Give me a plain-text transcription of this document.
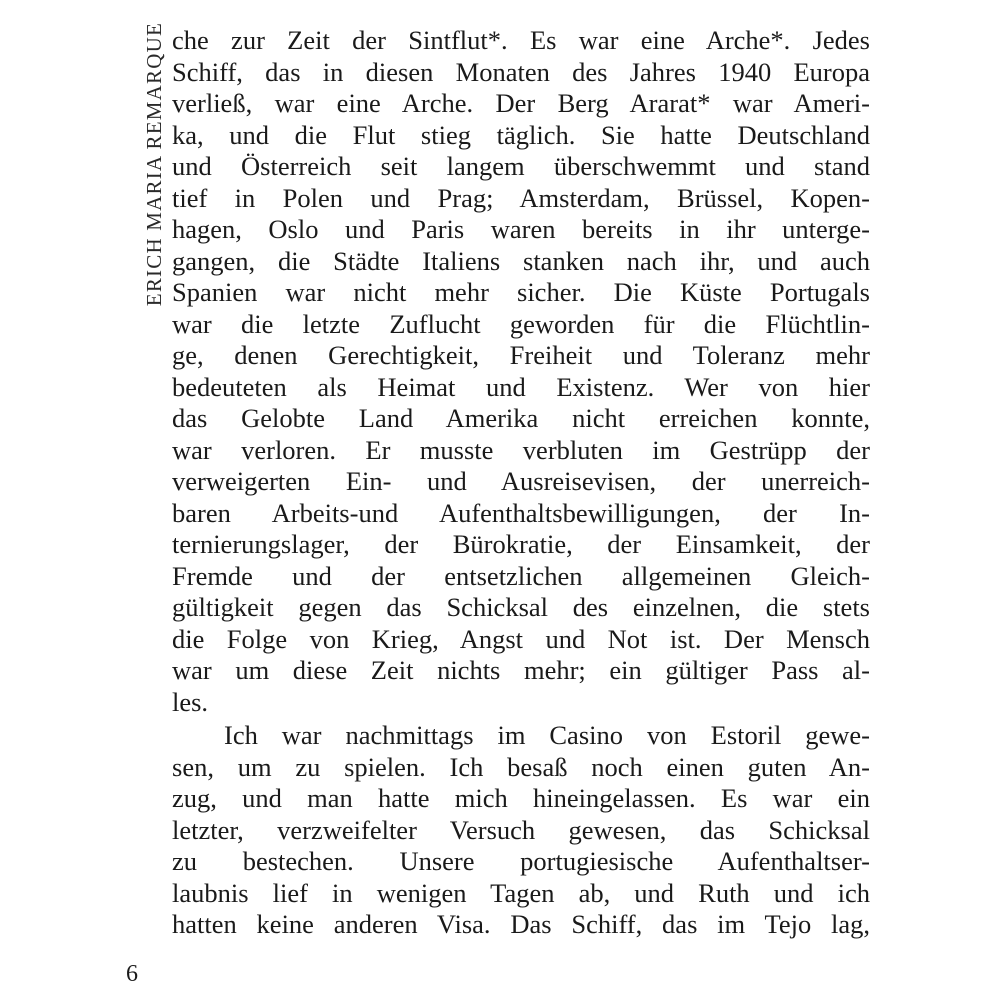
ERICH MARIA REMARQUE che zur Zeit der Sintflut*. Es war eine Arche*. Jedes
Schiff, das in diesen Monaten des Jahres 1940 Europa
verließ, war eine Arche. Der Berg Ararat* war Ameri-
ka, und die Flut stieg täglich. Sie hatte Deutschland
und Österreich seit langem überschwemmt und stand
tief in Polen und Prag; Amsterdam, Brüssel, Kopen-
hagen, Oslo und Paris waren bereits in ihr unterge-
gangen, die Städte Italiens stanken nach ihr, und auch
Spanien war nicht mehr sicher. Die Küste Portugals
war die letzte Zuflucht geworden für die Flüchtlin-
ge, denen Gerechtigkeit, Freiheit und Toleranz mehr
bedeuteten als Heimat und Existenz. Wer von hier
das Gelobte Land Amerika nicht erreichen konnte,
war verloren. Er musste verbluten im Gestrüpp der
verweigerten Ein- und Ausreisevisen, der unerreich-
baren Arbeits-und Aufenthaltsbewilligungen, der In-
ternierungslager, der Bürokratie, der Einsamkeit, der
Fremde und der entsetzlichen allgemeinen Gleich-
gültigkeit gegen das Schicksal des einzelnen, die stets
die Folge von Krieg, Angst und Not ist. Der Mensch
war um diese Zeit nichts mehr; ein gültiger Pass al-
les.
Ich war nachmittags im Casino von Estoril gewe-
sen, um zu spielen. Ich besaß noch einen guten An-
zug, und man hatte mich hineingelassen. Es war ein
letzter, verzweifelter Versuch gewesen, das Schicksal
zu bestechen. Unsere portugiesische Aufenthaltser-
laubnis lief in wenigen Tagen ab, und Ruth und ich
hatten keine anderen Visa. Das Schiff, das im Tejo lag,
6
